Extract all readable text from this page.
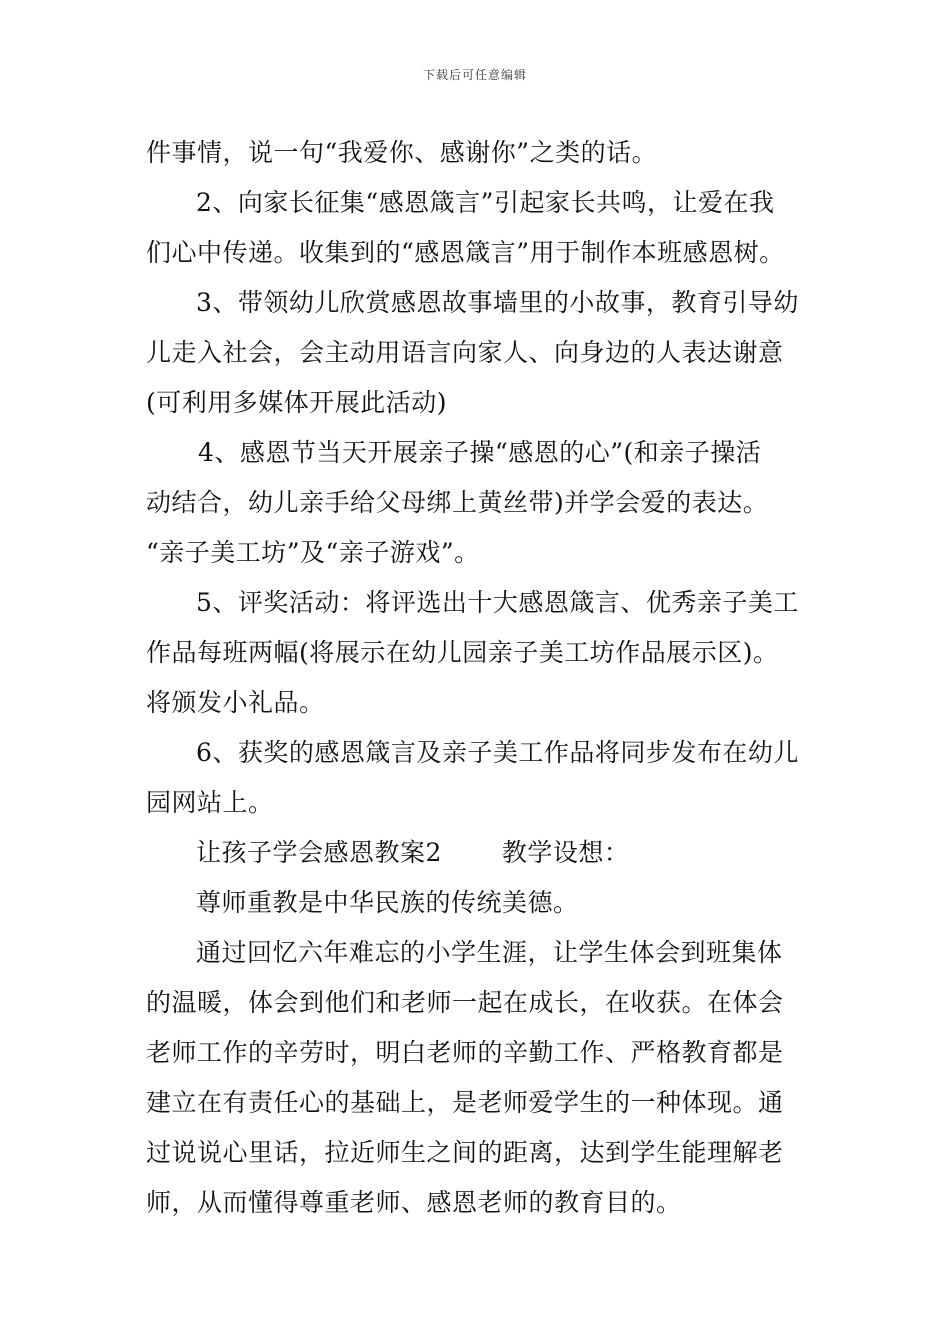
下载后可任意编辑
件事情，说一句“我爱你、感谢你”之类的话。
2、向家长征集“感恩箴言”引起家长共鸣，让爱在我
们心中传递。收集到的“感恩箴言”用于制作本班感恩树。
3、带领幼儿欣赏感恩故事墙里的小故事，教育引导幼
儿走入社会，会主动用语言向家人、向身边的人表达谢意
(可利用多媒体开展此活动)
4、感恩节当天开展亲子操“感恩的心”(和亲子操活
动结合，幼儿亲手给父母绑上黄丝带)并学会爱的表达。
“亲子美工坊”及“亲子游戏”。
5、评奖活动：将评选出十大感恩箴言、优秀亲子美工
作品每班两幅(将展示在幼儿园亲子美工坊作品展示区)。
将颁发小礼品。
6、获奖的感恩箴言及亲子美工作品将同步发布在幼儿
园网站上。
让孩子学会感恩教案2 教学设想：
尊师重教是中华民族的传统美德。
通过回忆六年难忘的小学生涯，让学生体会到班集体
的温暖，体会到他们和老师一起在成长，在收获。在体会
老师工作的辛劳时，明白老师的辛勤工作、严格教育都是
建立在有责任心的基础上，是老师爱学生的一种体现。通
过说说心里话，拉近师生之间的距离，达到学生能理解老
师，从而懂得尊重老师、感恩老师的教育目的。
